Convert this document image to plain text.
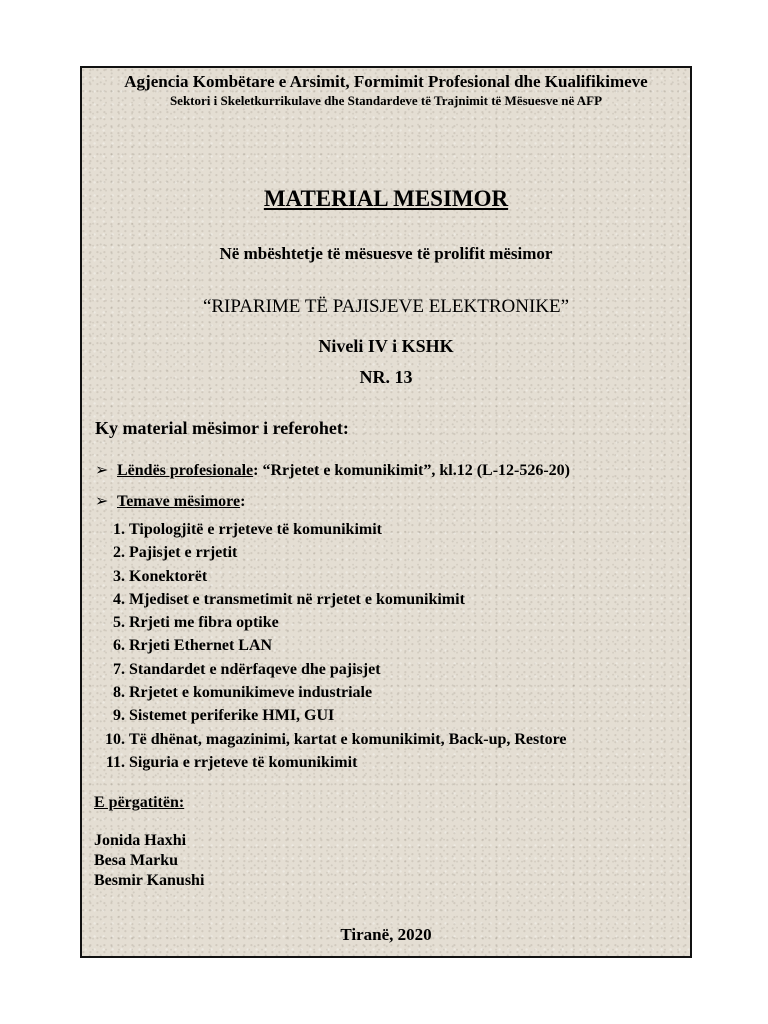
Agjencia Kombëtare e Arsimit, Formimit Profesional dhe Kualifikimeve
Sektori i Skeletkurrikulave dhe Standardeve të Trajnimit të Mësuesve në AFP
MATERIAL MESIMOR
Në mbështetje të mësuesve të prolifit mësimor
“RIPARIME TË PAJISJEVE ELEKTRONIKE”
Niveli IV i KSHK
NR. 13
Ky material mësimor i referohet:
➢ Lëndës profesionale: “Rrjetet e komunikimit”, kl.12 (L-12-526-20)
➢ Temave mësimore:
1. Tipologjitë e rrjeteve të komunikimit
2. Pajisjet e rrjetit
3. Konektorët
4. Mjediset e transmetimit në rrjetet e komunikimit
5. Rrjeti me fibra optike
6. Rrjeti Ethernet LAN
7. Standardet e ndërfaqeve dhe pajisjet
8. Rrjetet e komunikimeve industriale
9. Sistemet periferike HMI, GUI
10. Të dhënat, magazinimi, kartat e komunikimit, Back-up, Restore
11. Siguria e rrjeteve të komunikimit
E përgatitën:
Jonida Haxhi
Besa Marku
Besmir Kanushi
Tiranë, 2020
